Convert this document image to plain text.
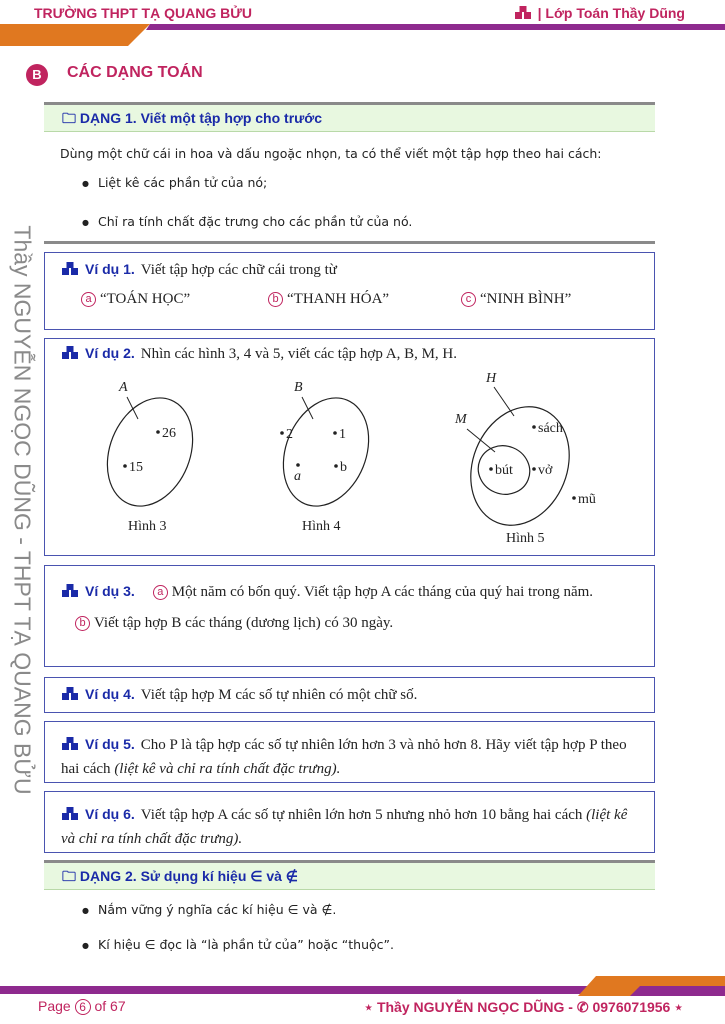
TRƯỜNG THPT TẠ QUANG BỬU	| Lớp Toán Thầy Dũng
B	CÁC DẠNG TOÁN
Thầy NGUYỄN NGỌC DŨNG - THPT TẠ QUANG BỬU
🗀 DẠNG 1. Viết một tập hợp cho trước

Dùng một chữ cái in hoa và dấu ngoặc nhọn, ta có thể viết một tập hợp theo hai cách:

● Liệt kê các phần tử của nó;
● Chỉ ra tính chất đặc trưng cho các phần tử của nó.
Ví dụ 1. Viết tập hợp các chữ cái trong từ
a “TOÁN HỌC”	b “THANH HÓA”	c “NINH BÌNH”
Ví dụ 2. Nhìn các hình 3, 4 và 5, viết các tập hợp A, B, M, H.
A
26
15
Hình 3
B
2	1
a
b
Hình 4
H
M
sách
bút vở
mũ
Hình 5
Ví dụ 3. a Một năm có bốn quý. Viết tập hợp A các tháng của quý hai trong năm.
b Viết tập hợp B các tháng (dương lịch) có 30 ngày.
Ví dụ 4. Viết tập hợp M các số tự nhiên có một chữ số.
Ví dụ 5. Cho P là tập hợp các số tự nhiên lớn hơn 3 và nhỏ hơn 8. Hãy viết tập hợp P theo hai cách (liệt kê và chỉ ra tính chất đặc trưng).
Ví dụ 6. Viết tập hợp A các số tự nhiên lớn hơn 5 nhưng nhỏ hơn 10 bằng hai cách (liệt kê và chỉ ra tính chất đặc trưng).
🗀 DẠNG 2. Sử dụng kí hiệu ∈ và ∉
● Nắm vững ý nghĩa các kí hiệu ∈ và ∉.
● Kí hiệu ∈ đọc là “là phần tử của” hoặc “thuộc”.
Page 6 of 67	⋆ Thầy NGUYỄN NGỌC DŨNG - ✆ 0976071956 ⋆
